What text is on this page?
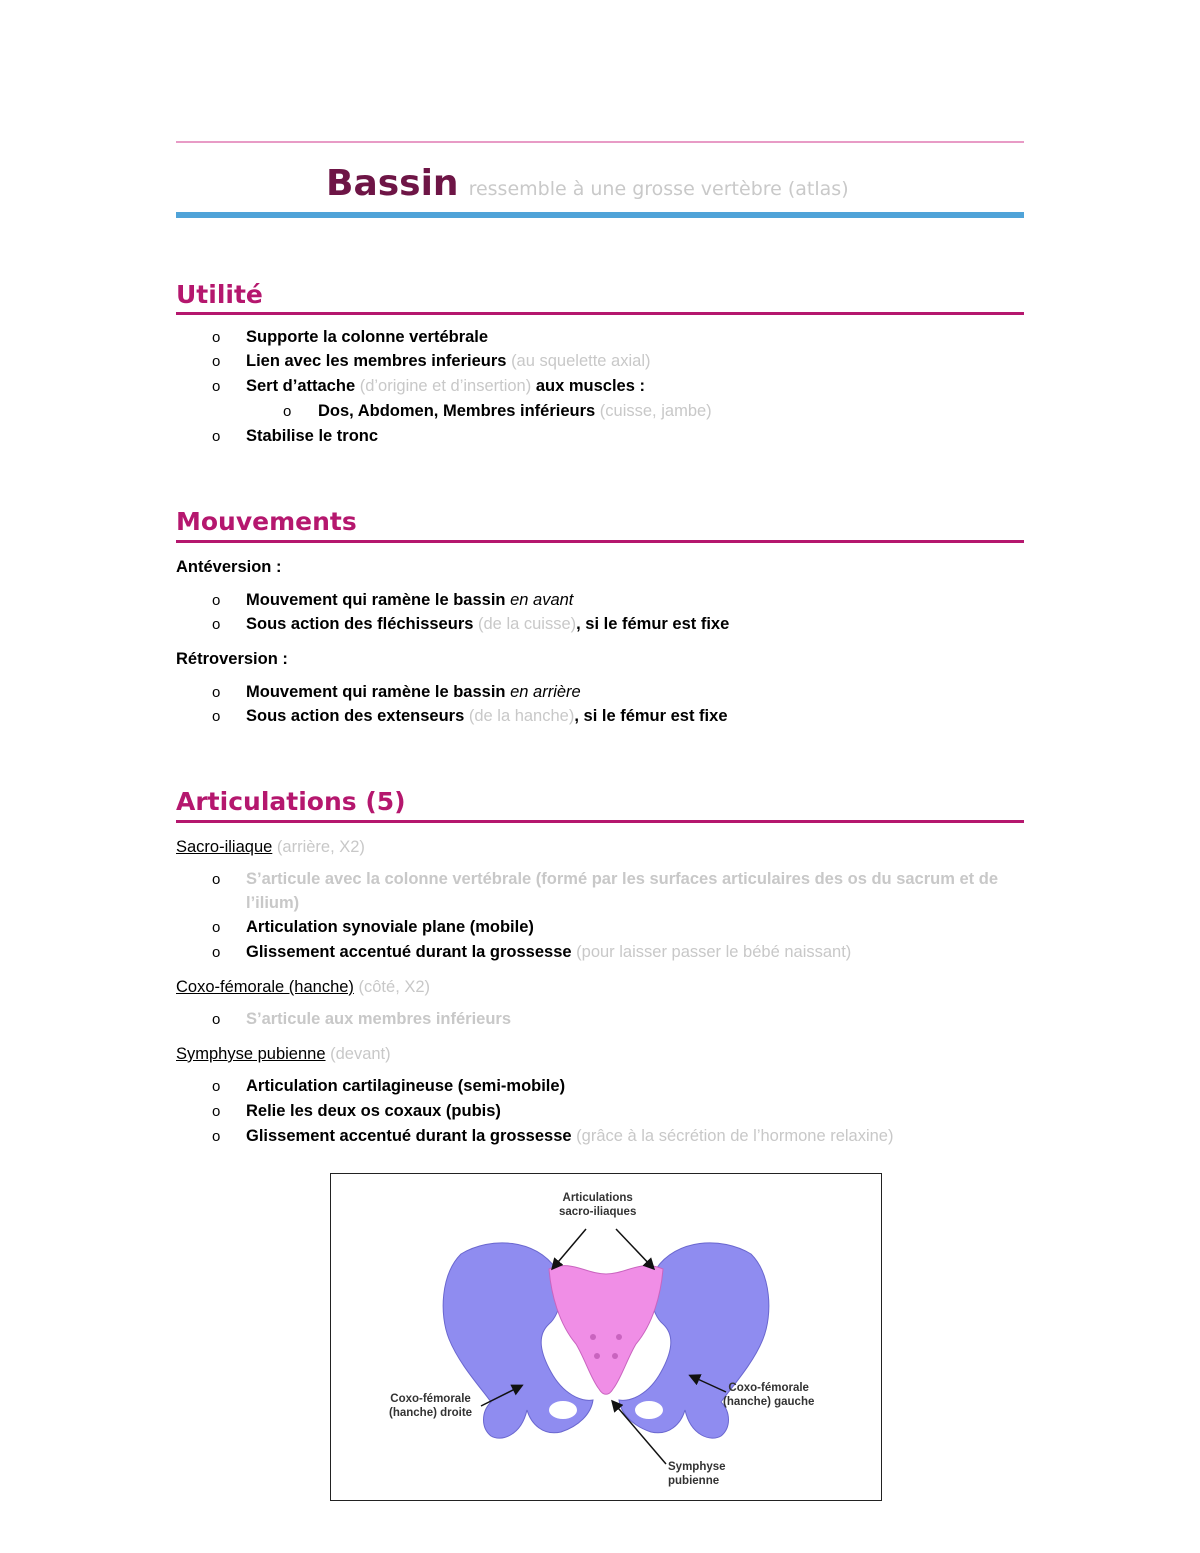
Bassin ressemble à une grosse vertèbre (atlas)
Utilité
o Supporte la colonne vertébrale
o Lien avec les membres inferieurs (au squelette axial)
o Sert d’attache (d’origine et d’insertion) aux muscles :
o Dos, Abdomen, Membres inférieurs (cuisse, jambe)
o Stabilise le tronc
Mouvements
Antéversion :
o Mouvement qui ramène le bassin en avant
o Sous action des fléchisseurs (de la cuisse), si le fémur est fixe
Rétroversion :
o Mouvement qui ramène le bassin en arrière
o Sous action des extenseurs (de la hanche), si le fémur est fixe
Articulations (5)
Sacro-iliaque (arrière, X2)
o S’articule avec la colonne vertébrale (formé par les surfaces articulaires des os du sacrum et de
l’ilium)
o Articulation synoviale plane (mobile)
o Glissement accentué durant la grossesse (pour laisser passer le bébé naissant)
Coxo-fémorale (hanche) (côté, X2)
o S’articule aux membres inférieurs
Symphyse pubienne (devant)
o Articulation cartilagineuse (semi-mobile)
o Relie les deux os coxaux (pubis)
o Glissement accentué durant la grossesse (grâce à la sécrétion de l’hormone relaxine)
Articulations
sacro-iliaques
Coxo-fémorale
(hanche) droite
Coxo-fémorale
(hanche) gauche
Symphyse
pubienne
